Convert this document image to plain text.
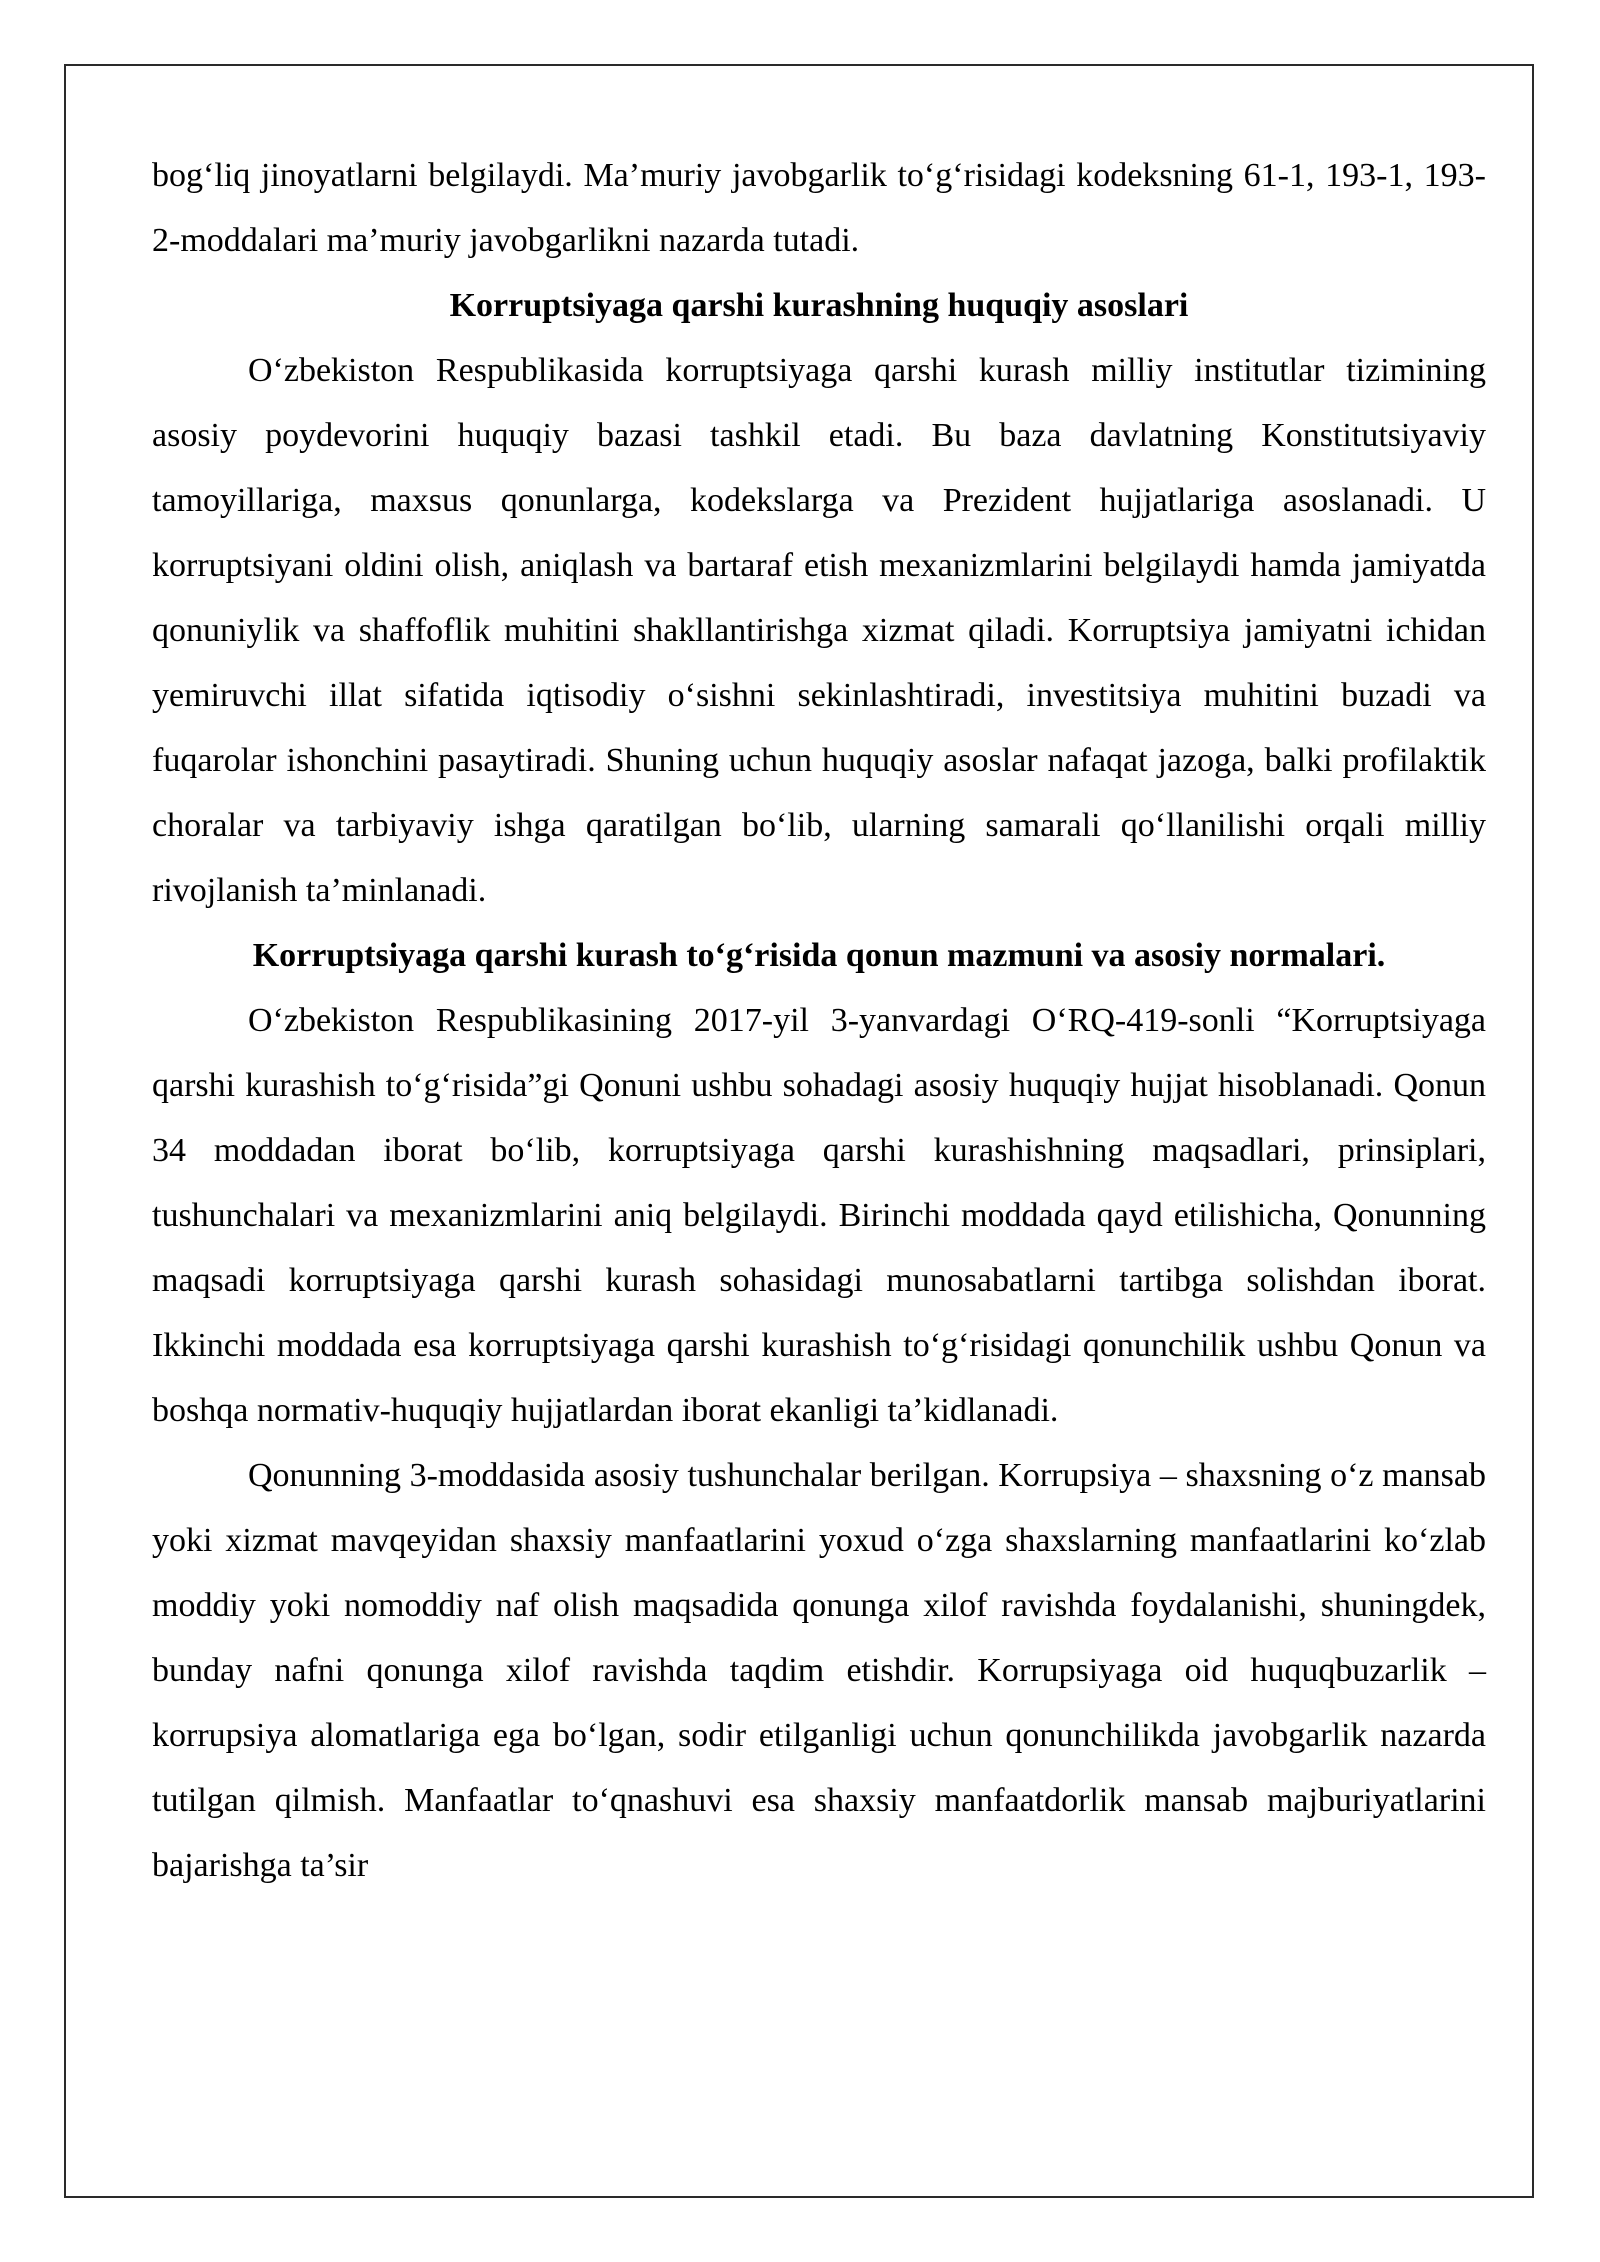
bog‘liq jinoyatlarni belgilaydi. Ma’muriy javobgarlik to‘g‘risidagi kodeksning 61-1, 193-1, 193-2-moddalari ma’muriy javobgarlikni nazarda tutadi.

Korruptsiyaga qarshi kurashning huquqiy asoslari

O‘zbekiston Respublikasida korruptsiyaga qarshi kurash milliy institutlar tizimining asosiy poydevorini huquqiy bazasi tashkil etadi. Bu baza davlatning Konstitutsiyaviy tamoyillariga, maxsus qonunlarga, kodekslarga va Prezident hujjatlariga asoslanadi. U korruptsiyani oldini olish, aniqlash va bartaraf etish mexanizmlarini belgilaydi hamda jamiyatda qonuniylik va shaffoflik muhitini shakllantirishga xizmat qiladi. Korruptsiya jamiyatni ichidan yemiruvchi illat sifatida iqtisodiy o‘sishni sekinlashtiradi, investitsiya muhitini buzadi va fuqarolar ishonchini pasaytiradi. Shuning uchun huquqiy asoslar nafaqat jazoga, balki profilaktik choralar va tarbiyaviy ishga qaratilgan bo‘lib, ularning samarali qo‘llanilishi orqali milliy rivojlanish ta’minlanadi.

Korruptsiyaga qarshi kurash to‘g‘risida qonun mazmuni va asosiy normalari.

O‘zbekiston Respublikasining 2017-yil 3-yanvardagi O‘RQ-419-sonli “Korruptsiyaga qarshi kurashish to‘g‘risida”gi Qonuni ushbu sohadagi asosiy huquqiy hujjat hisoblanadi. Qonun 34 moddadan iborat bo‘lib, korruptsiyaga qarshi kurashishning maqsadlari, prinsiplari, tushunchalari va mexanizmlarini aniq belgilaydi. Birinchi moddada qayd etilishicha, Qonunning maqsadi korruptsiyaga qarshi kurash sohasidagi munosabatlarni tartibga solishdan iborat. Ikkinchi moddada esa korruptsiyaga qarshi kurashish to‘g‘risidagi qonunchilik ushbu Qonun va boshqa normativ-huquqiy hujjatlardan iborat ekanligi ta’kidlanadi.

Qonunning 3-moddasida asosiy tushunchalar berilgan. Korrupsiya – shaxsning o‘z mansab yoki xizmat mavqeyidan shaxsiy manfaatlarini yoxud o‘zga shaxslarning manfaatlarini ko‘zlab moddiy yoki nomoddiy naf olish maqsadida qonunga xilof ravishda foydalanishi, shuningdek, bunday nafni qonunga xilof ravishda taqdim etishdir. Korrupsiyaga oid huquqbuzarlik – korrupsiya alomatlariga ega bo‘lgan, sodir etilganligi uchun qonunchilikda javobgarlik nazarda tutilgan qilmish. Manfaatlar to‘qnashuvi esa shaxsiy manfaatdorlik mansab majburiyatlarini bajarishga ta’sir
